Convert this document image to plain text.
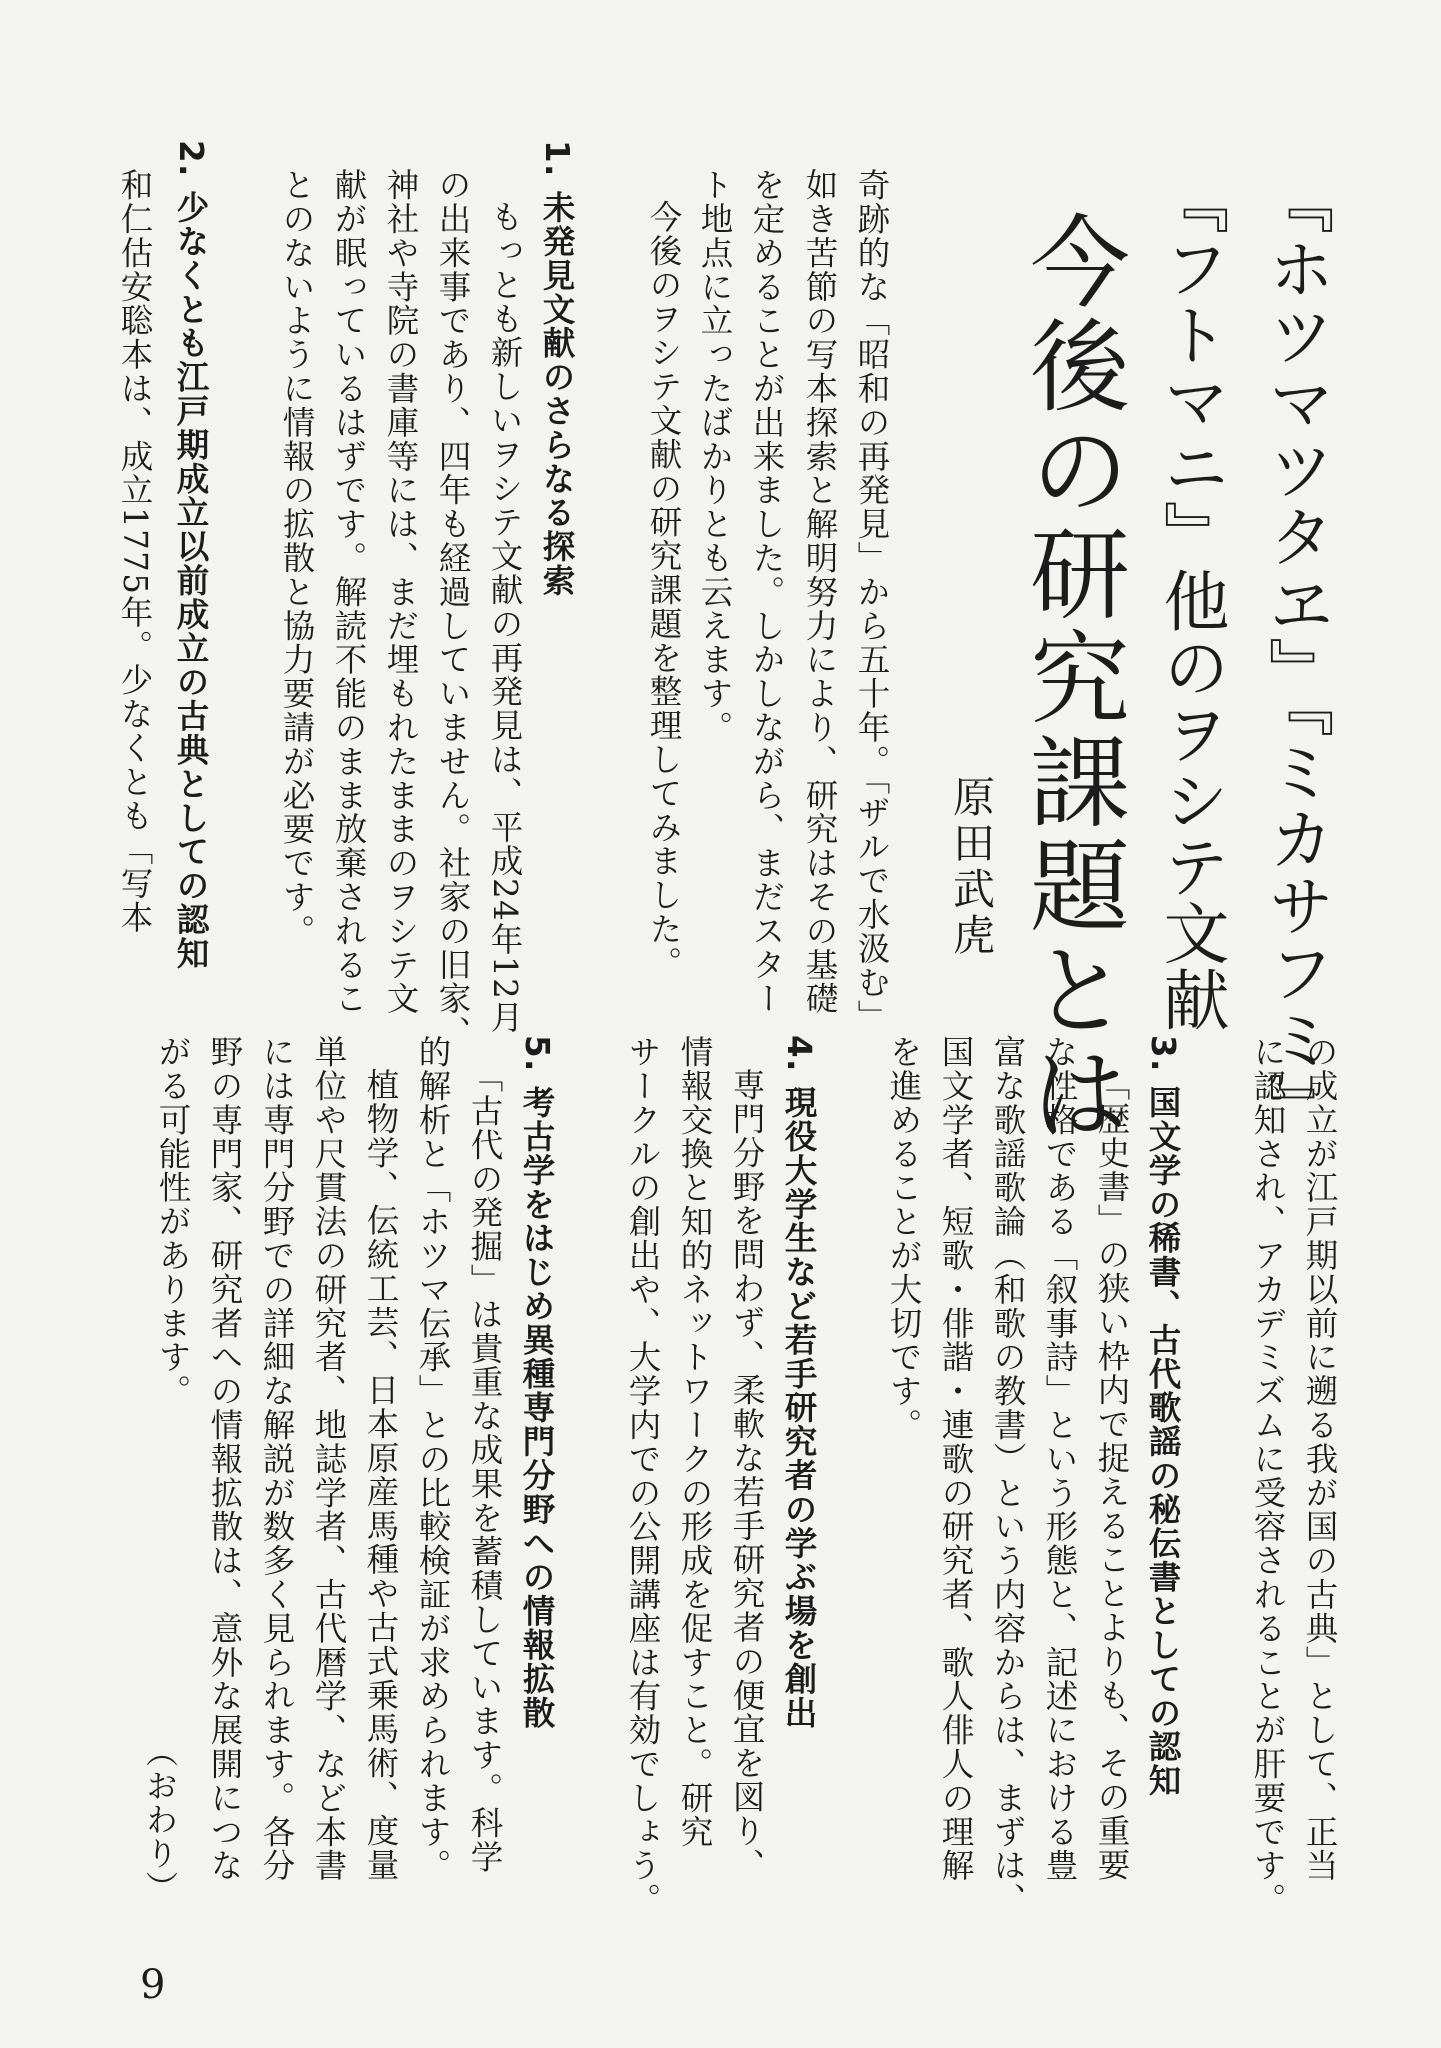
『ホツマツタヱ』『ミカサフミ』
『フトマニ』他のヲシテ文献
今後の研究課題とは
原田武虎
奇跡的な「昭和の再発見」から五十年。「ザルで水汲む」
如き苦節の写本探索と解明努力により、研究はその基礎
を定めることが出来ました。しかしながら、まだスター
ト地点に立ったばかりとも云えます。
今後のヲシテ文献の研究課題を整理してみました。
1. 未発見文献のさらなる探索
もっとも新しいヲシテ文献の再発見は、平成24年12月
の出来事であり、四年も経過していません。社家の旧家、
神社や寺院の書庫等には、まだ埋もれたままのヲシテ文
献が眠っているはずです。解読不能のまま放棄されるこ
とのないように情報の拡散と協力要請が必要です。
2. 少なくとも江戸期成立以前成立の古典としての認知
和仁估安聡本は、成立1775年。少なくとも「写本
の成立が江戸期以前に遡る我が国の古典」として、正当
に認知され、アカデミズムに受容されることが肝要です。
3. 国文学の稀書、古代歌謡の秘伝書としての認知
「歴史書」の狭い枠内で捉えることよりも、その重要
な性格である「叙事詩」という形態と、記述における豊
富な歌謡歌論（和歌の教書）という内容からは、まずは、
国文学者、短歌・俳諧・連歌の研究者、歌人俳人の理解
を進めることが大切です。
4. 現役大学生など若手研究者の学ぶ場を創出
専門分野を問わず、柔軟な若手研究者の便宜を図り、
情報交換と知的ネットワークの形成を促すこと。研究
サークルの創出や、大学内での公開講座は有効でしょう。
5. 考古学をはじめ異種専門分野への情報拡散
「古代の発掘」は貴重な成果を蓄積しています。科学
的解析と「ホツマ伝承」との比較検証が求められます。
植物学、伝統工芸、日本原産馬種や古式乗馬術、度量
単位や尺貫法の研究者、地誌学者、古代暦学、など本書
には専門分野での詳細な解説が数多く見られます。各分
野の専門家、研究者への情報拡散は、意外な展開につな
がる可能性があります。
（おわり）
9
